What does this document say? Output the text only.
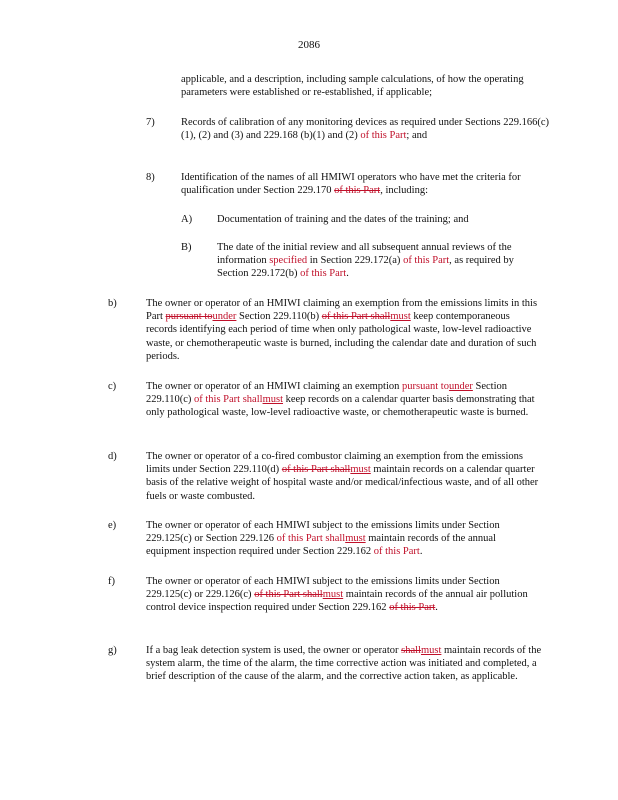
2086
applicable, and a description, including sample calculations, of how the operating parameters were established or re-established, if applicable;
7)	Records of calibration of any monitoring devices as required under Sections 229.166(c)(1), (2) and (3) and 229.168 (b)(1) and (2) of this Part; and
8)	Identification of the names of all HMIWI operators who have met the criteria for qualification under Section 229.170 of this Part, including:
A) Documentation of training and the dates of the training; and
B) The date of the initial review and all subsequent annual reviews of the information specified in Section 229.172(a) of this Part, as required by Section 229.172(b) of this Part.
b)	The owner or operator of an HMIWI claiming an exemption from the emissions limits in this Part pursuant tounder Section 229.110(b) of this Part shallmust keep contemporaneous records identifying each period of time when only pathological waste, low-level radioactive waste, or chemotherapeutic waste is burned, including the calendar date and duration of such periods.
c)	The owner or operator of an HMIWI claiming an exemption pursuant tounder Section 229.110(c) of this Part shallmust keep records on a calendar quarter basis demonstrating that only pathological waste, low-level radioactive waste, or chemotherapeutic waste is burned.
d)	The owner or operator of a co-fired combustor claiming an exemption from the emissions limits under Section 229.110(d) of this Part shallmust maintain records on a calendar quarter basis of the relative weight of hospital waste and/or medical/infectious waste, and of all other fuels or waste combusted.
e)	The owner or operator of each HMIWI subject to the emissions limits under Section 229.125(c) or Section 229.126 of this Part shallmust maintain records of the annual equipment inspection required under Section 229.162 of this Part.
f)	The owner or operator of each HMIWI subject to the emissions limits under Section 229.125(c) or 229.126(c) of this Part shallmust maintain records of the annual air pollution control device inspection required under Section 229.162 of this Part.
g)	If a bag leak detection system is used, the owner or operator shallmust maintain records of the system alarm, the time of the alarm, the time corrective action was initiated and completed, a brief description of the cause of the alarm, and the corrective action taken, as applicable.
